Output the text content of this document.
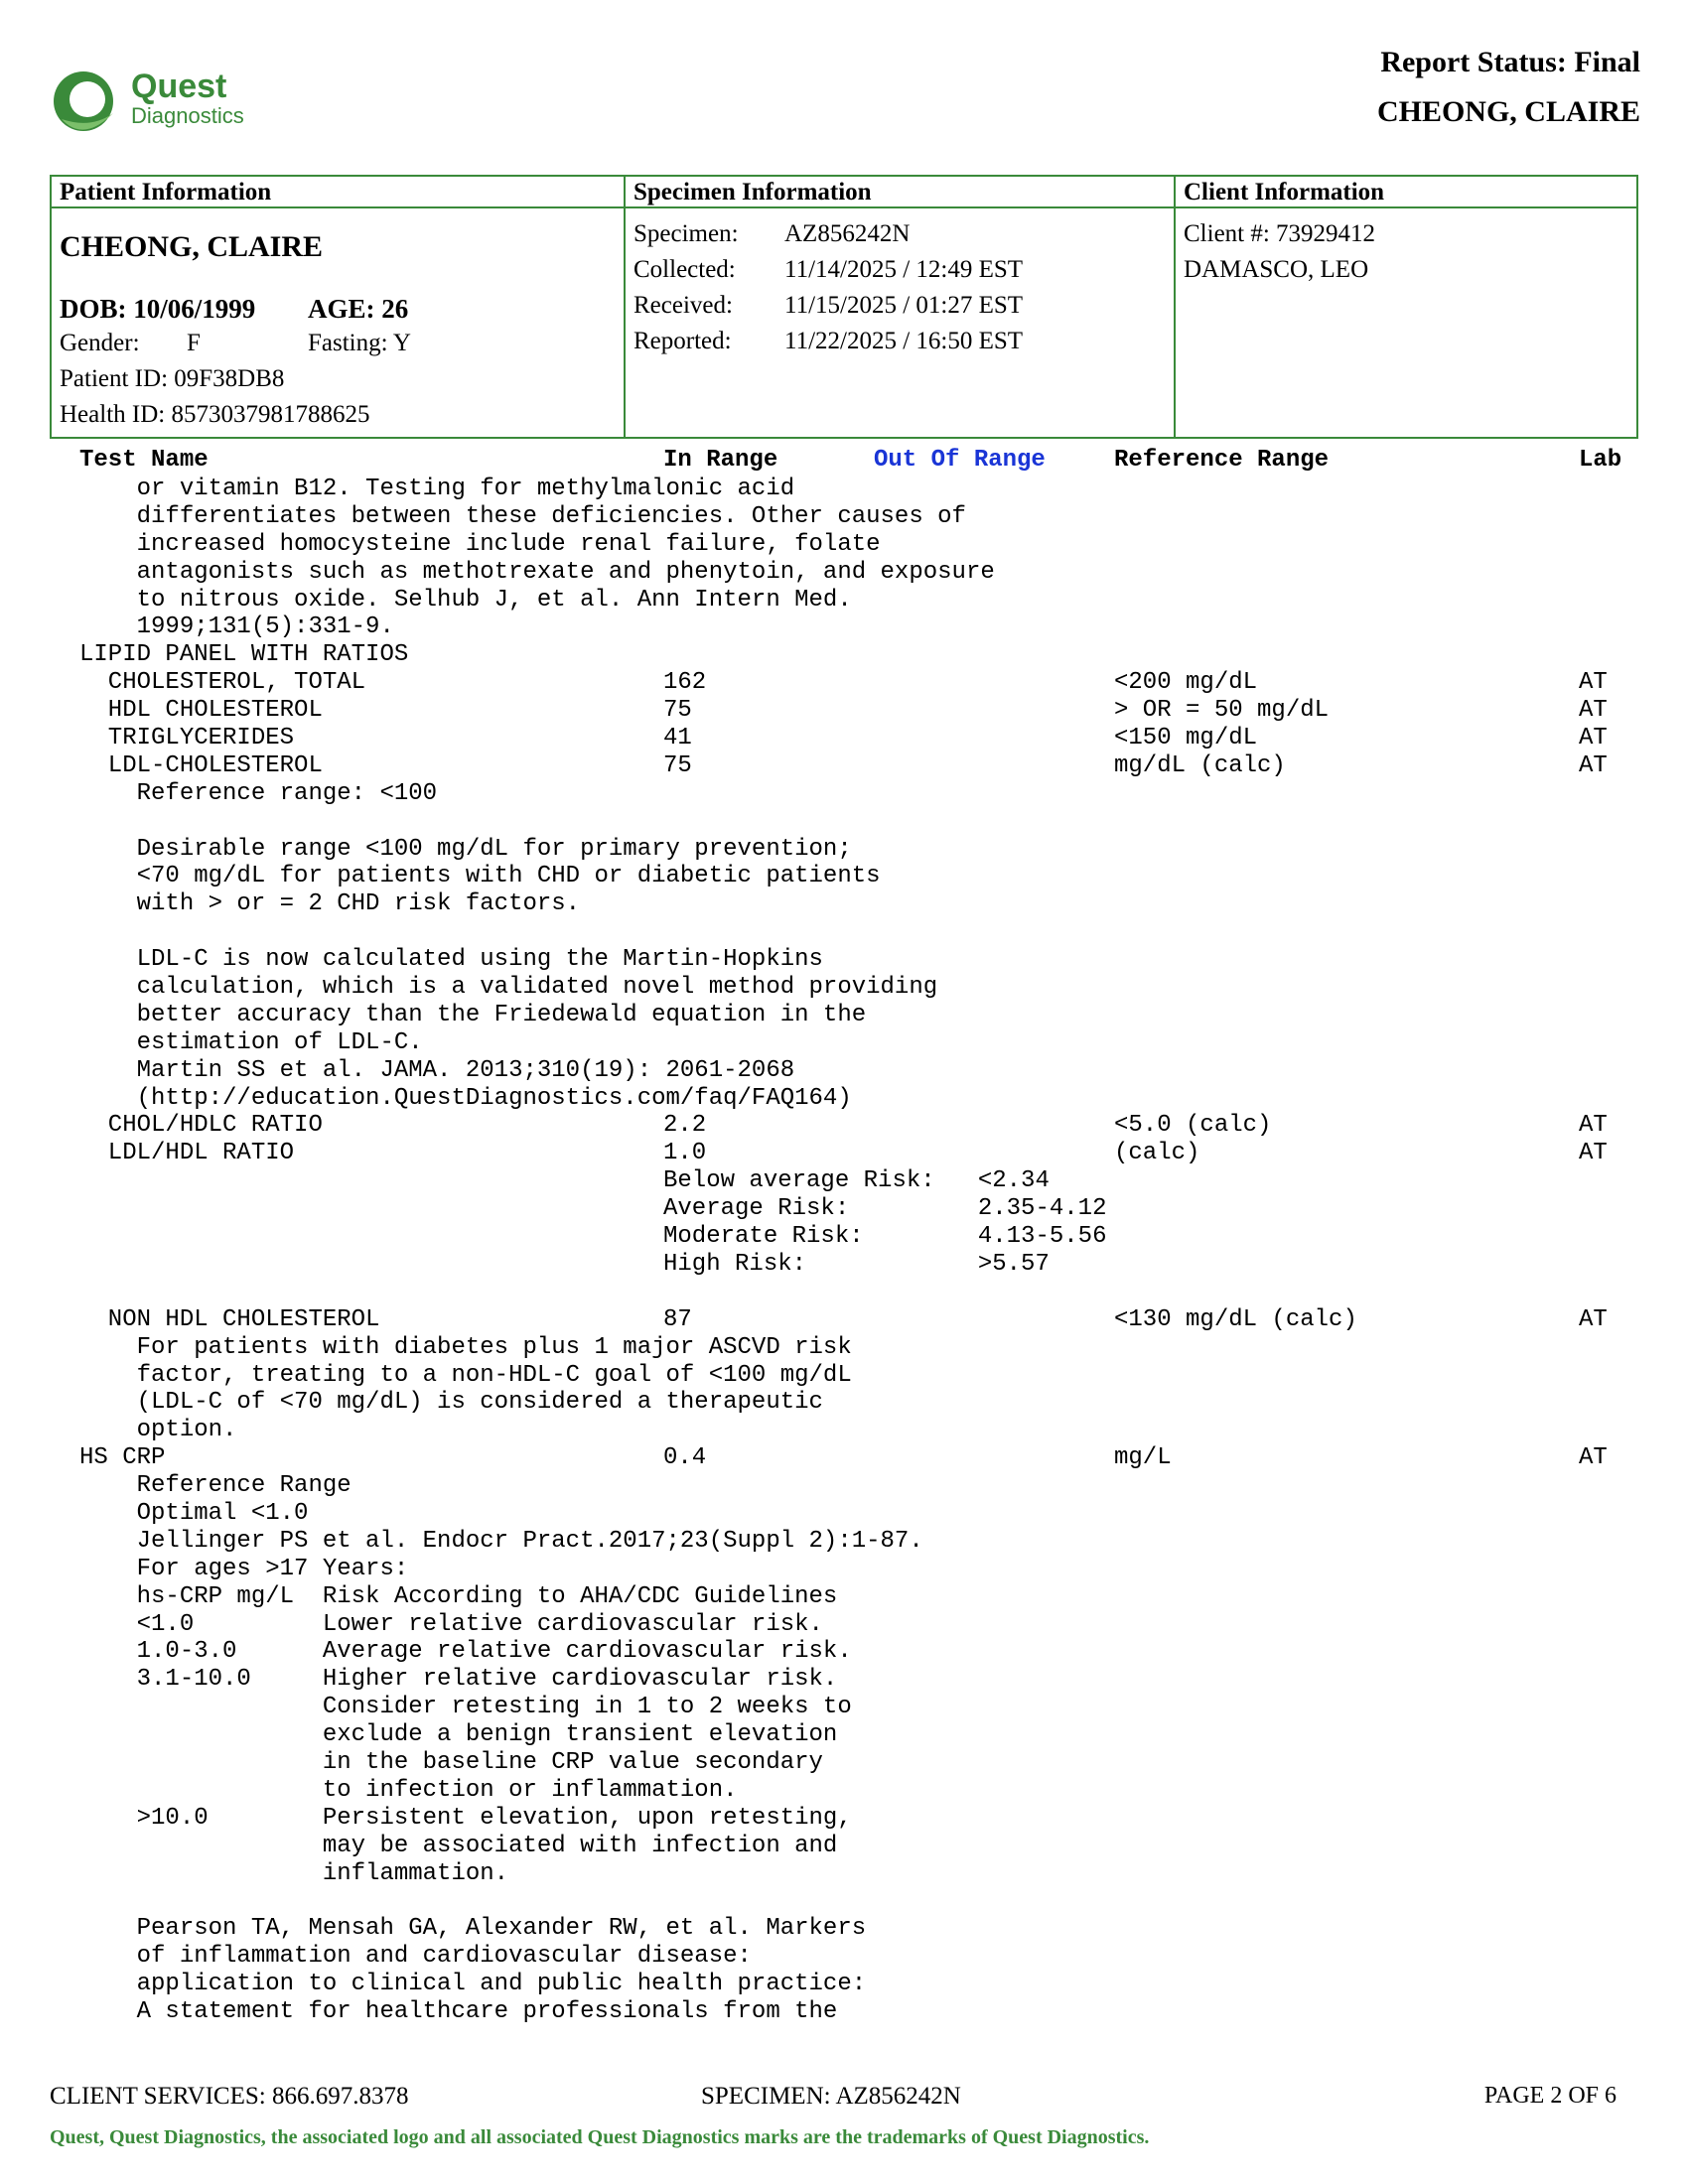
Quest
Diagnostics
Report Status: Final
CHEONG, CLAIRE
Patient Information
CHEONG, CLAIRE
DOB: 10/06/1999 AGE: 26
Gender: F	Fasting: Y
Patient ID: 09F38DB8
Health ID: 8573037981788625
Specimen Information
Specimen: AZ856242N
Collected: 11/14/2025 / 12:49 EST
Received: 11/15/2025 / 01:27 EST
Reported: 11/22/2025 / 16:50 EST
Client Information
Client #: 73929412
DAMASCO, LEO
Test Name	In Range	Out Of Range	Reference Range	Lab
or vitamin B12. Testing for methylmalonic acid
differentiates between these deficiencies. Other causes of
increased homocysteine include renal failure, folate
antagonists such as methotrexate and phenytoin, and exposure
to nitrous oxide. Selhub J, et al. Ann Intern Med.
1999;131(5):331-9.
LIPID PANEL WITH RATIOS
CHOLESTEROL, TOTAL	162	<200 mg/dL	AT
HDL CHOLESTEROL	75	> OR = 50 mg/dL	AT
TRIGLYCERIDES	41	<150 mg/dL	AT
LDL-CHOLESTEROL	75	mg/dL (calc)	AT
Reference range: <100
Desirable range <100 mg/dL for primary prevention;
<70 mg/dL for patients with CHD or diabetic patients
with > or = 2 CHD risk factors.
LDL-C is now calculated using the Martin-Hopkins
calculation, which is a validated novel method providing
better accuracy than the Friedewald equation in the
estimation of LDL-C.
Martin SS et al. JAMA. 2013;310(19): 2061-2068
(http://education.QuestDiagnostics.com/faq/FAQ164)
CHOL/HDLC RATIO	2.2	<5.0 (calc)	AT
LDL/HDL RATIO	1.0	(calc)	AT
Below average Risk:   <2.34
Average Risk:         2.35-4.12
Moderate Risk:        4.13-5.56
High Risk:            >5.57
NON HDL CHOLESTEROL	87	<130 mg/dL (calc)	AT
For patients with diabetes plus 1 major ASCVD risk
factor, treating to a non-HDL-C goal of <100 mg/dL
(LDL-C of <70 mg/dL) is considered a therapeutic
option.
HS CRP	0.4	mg/L	AT
Reference Range
Optimal <1.0
Jellinger PS et al. Endocr Pract.2017;23(Suppl 2):1-87.
For ages >17 Years:
hs-CRP mg/L  Risk According to AHA/CDC Guidelines
<1.0         Lower relative cardiovascular risk.
1.0-3.0      Average relative cardiovascular risk.
3.1-10.0     Higher relative cardiovascular risk.
Consider retesting in 1 to 2 weeks to
exclude a benign transient elevation
in the baseline CRP value secondary
to infection or inflammation.
>10.0        Persistent elevation, upon retesting,
may be associated with infection and
inflammation.
Pearson TA, Mensah GA, Alexander RW, et al. Markers
of inflammation and cardiovascular disease:
application to clinical and public health practice:
A statement for healthcare professionals from the
CLIENT SERVICES: 866.697.8378	SPECIMEN: AZ856242N	PAGE 2 OF 6
Quest, Quest Diagnostics, the associated logo and all associated Quest Diagnostics marks are the trademarks of Quest Diagnostics.
